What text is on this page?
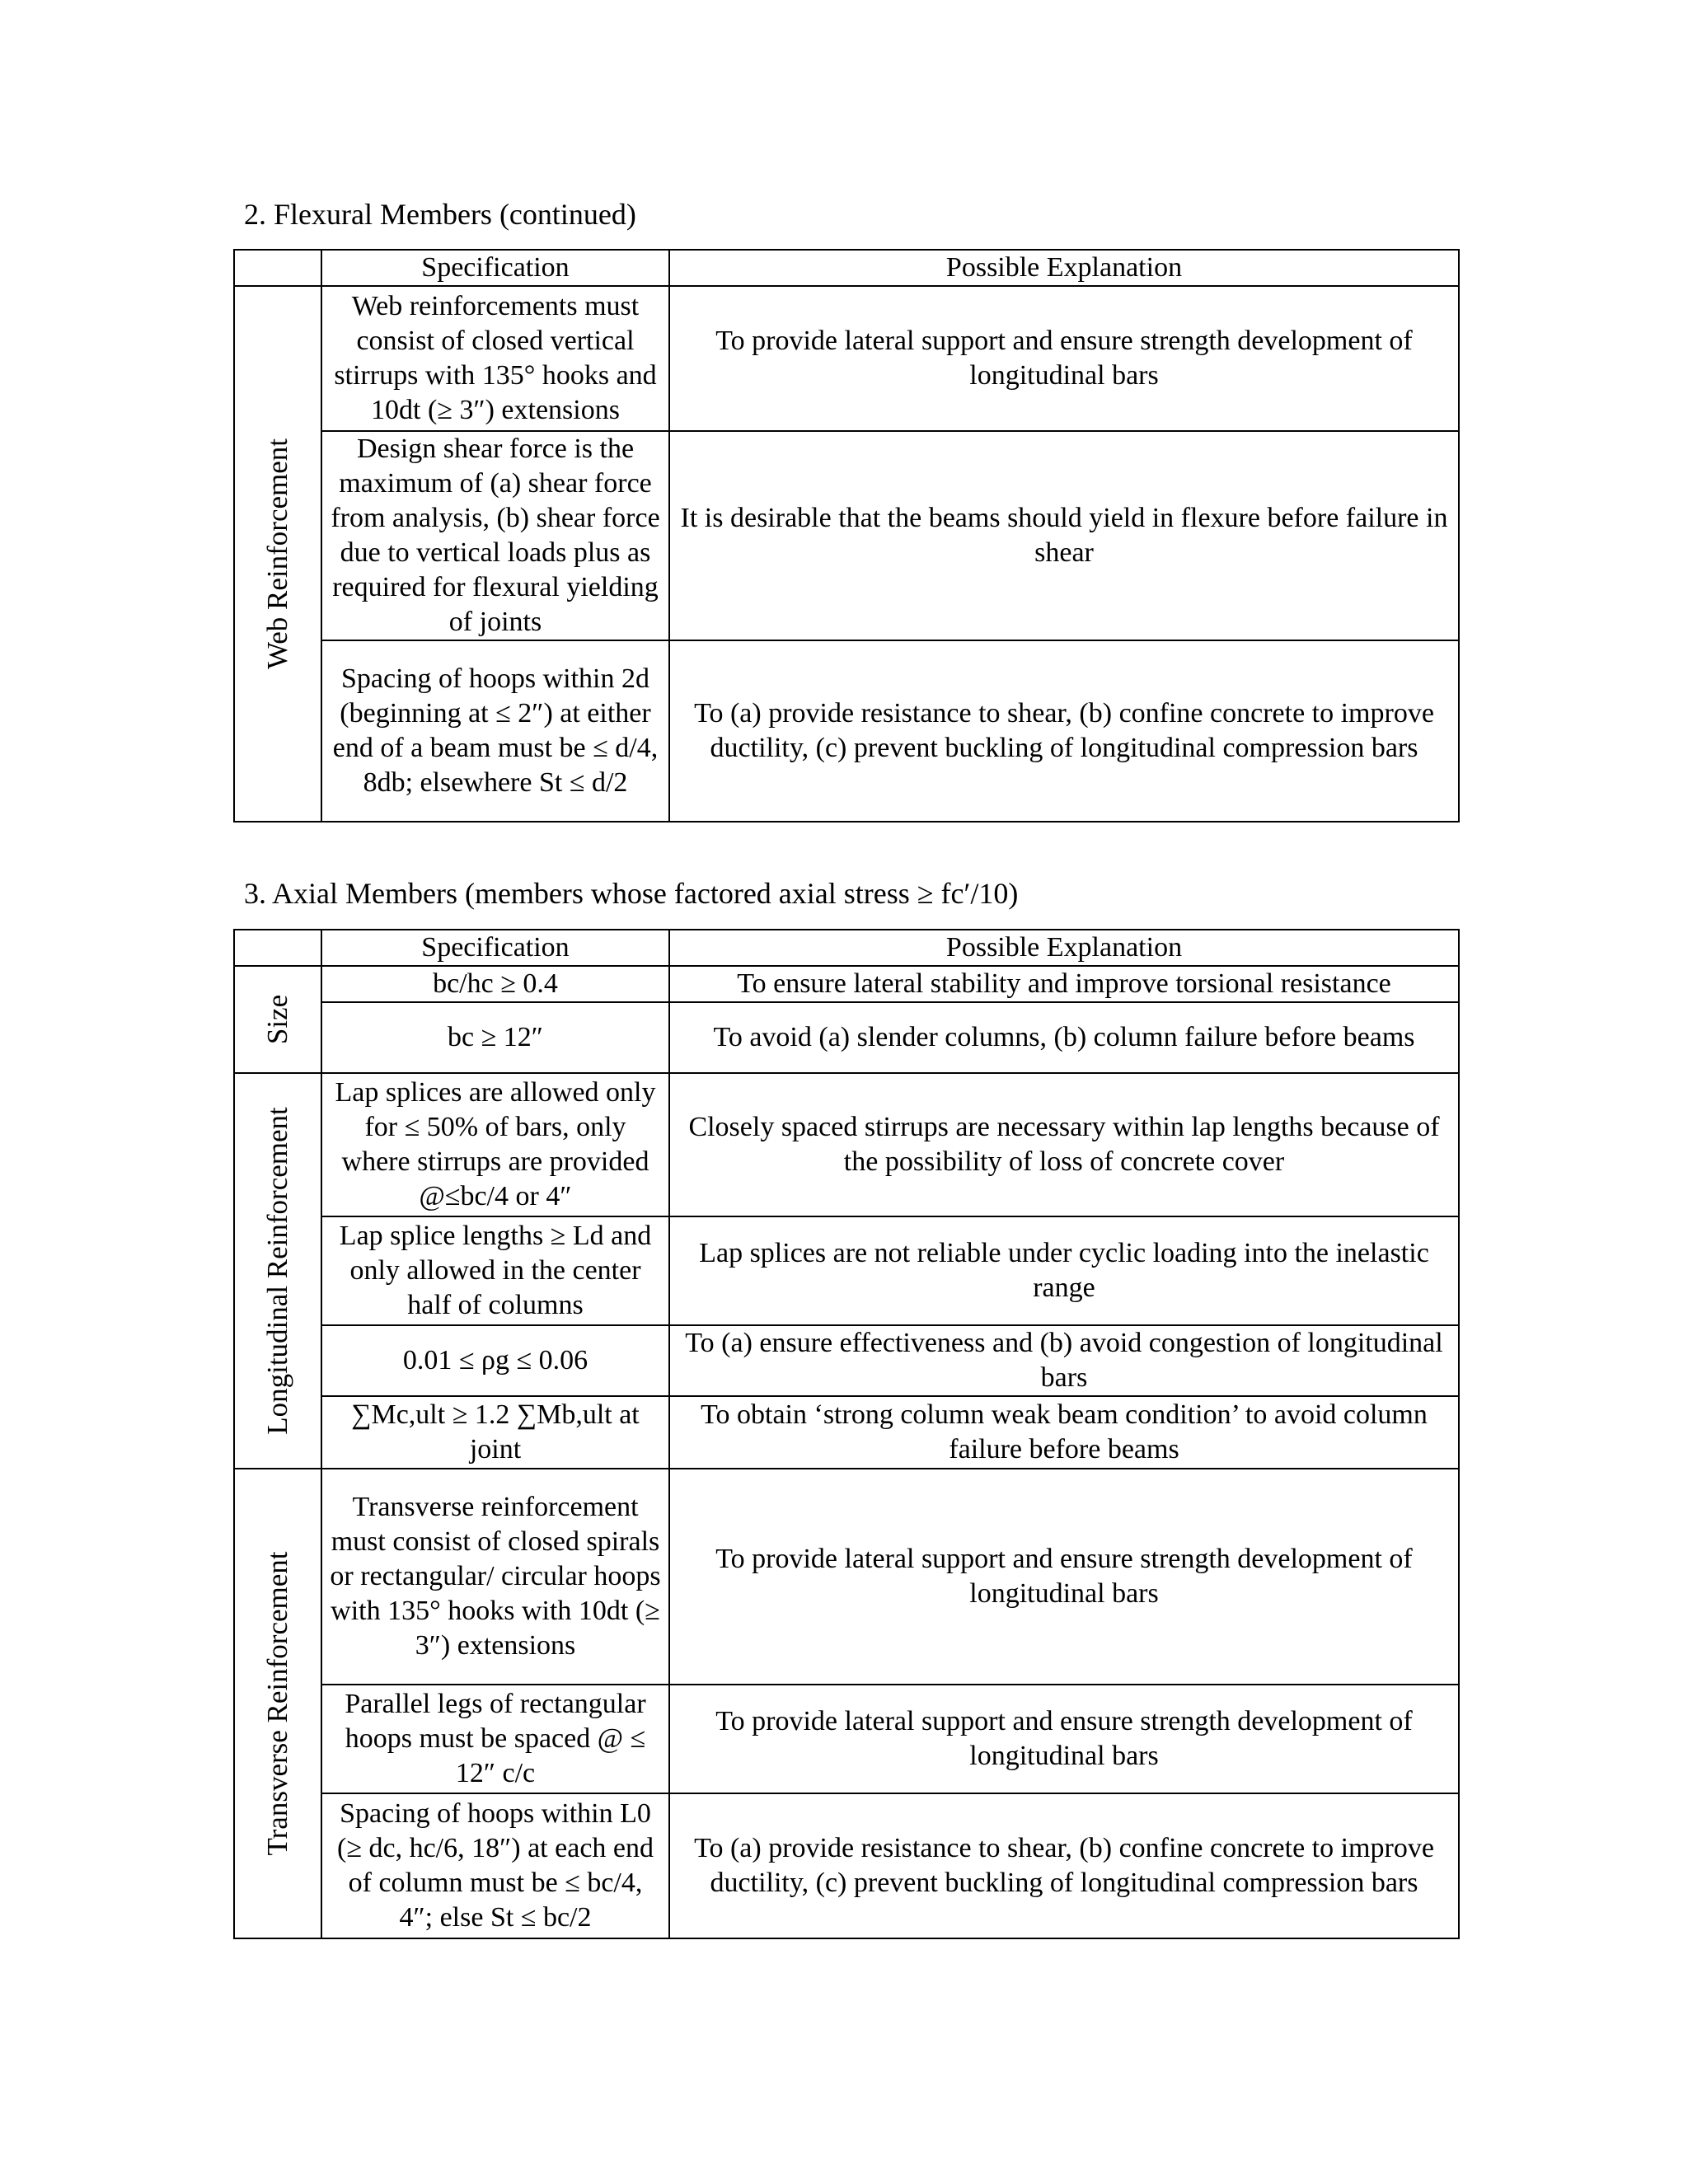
2. Flexural Members (continued)
	Specification	Possible Explanation

Web Reinforcement	Web reinforcements must consist of closed vertical stirrups with 135° hooks and 10dt (≥ 3″) extensions	To provide lateral support and ensure strength development of longitudinal bars
	Design shear force is the maximum of (a) shear force from analysis, (b) shear force due to vertical loads plus as required for flexural yielding of joints	It is desirable that the beams should yield in flexure before failure in shear
	Spacing of hoops within 2d (beginning at ≤ 2″) at either end of a beam must be ≤ d/4, 8db; elsewhere St ≤ d/2	To (a) provide resistance to shear, (b) confine concrete to improve ductility, (c) prevent buckling of longitudinal compression bars
3. Axial Members (members whose factored axial stress ≥ fc′/10)
	Specification	Possible Explanation

Size	bc/hc ≥ 0.4	To ensure lateral stability and improve torsional resistance
	bc ≥ 12″	To avoid (a) slender columns, (b) column failure before beams

Longitudinal Reinforcement	Lap splices are allowed only for ≤ 50% of bars, only where stirrups are provided @≤bc/4 or 4″	Closely spaced stirrups are necessary within lap lengths because of the possibility of loss of concrete cover
	Lap splice lengths ≥ Ld and only allowed in the center half of columns	Lap splices are not reliable under cyclic loading into the inelastic range
	0.01 ≤ ρg ≤ 0.06	To (a) ensure effectiveness and (b) avoid congestion of longitudinal bars
	∑Mc,ult ≥ 1.2 ∑Mb,ult at joint	To obtain ‘strong column weak beam condition’ to avoid column failure before beams

Transverse Reinforcement	Transverse reinforcement must consist of closed spirals or rectangular/ circular hoops with 135° hooks with 10dt (≥ 3″) extensions	To provide lateral support and ensure strength development of longitudinal bars
	Parallel legs of rectangular hoops must be spaced @ ≤ 12″ c/c	To provide lateral support and ensure strength development of longitudinal bars
	Spacing of hoops within L0 (≥ dc, hc/6, 18″) at each end of column must be ≤ bc/4, 4″; else St ≤ bc/2	To (a) provide resistance to shear, (b) confine concrete to improve ductility, (c) prevent buckling of longitudinal compression bars
